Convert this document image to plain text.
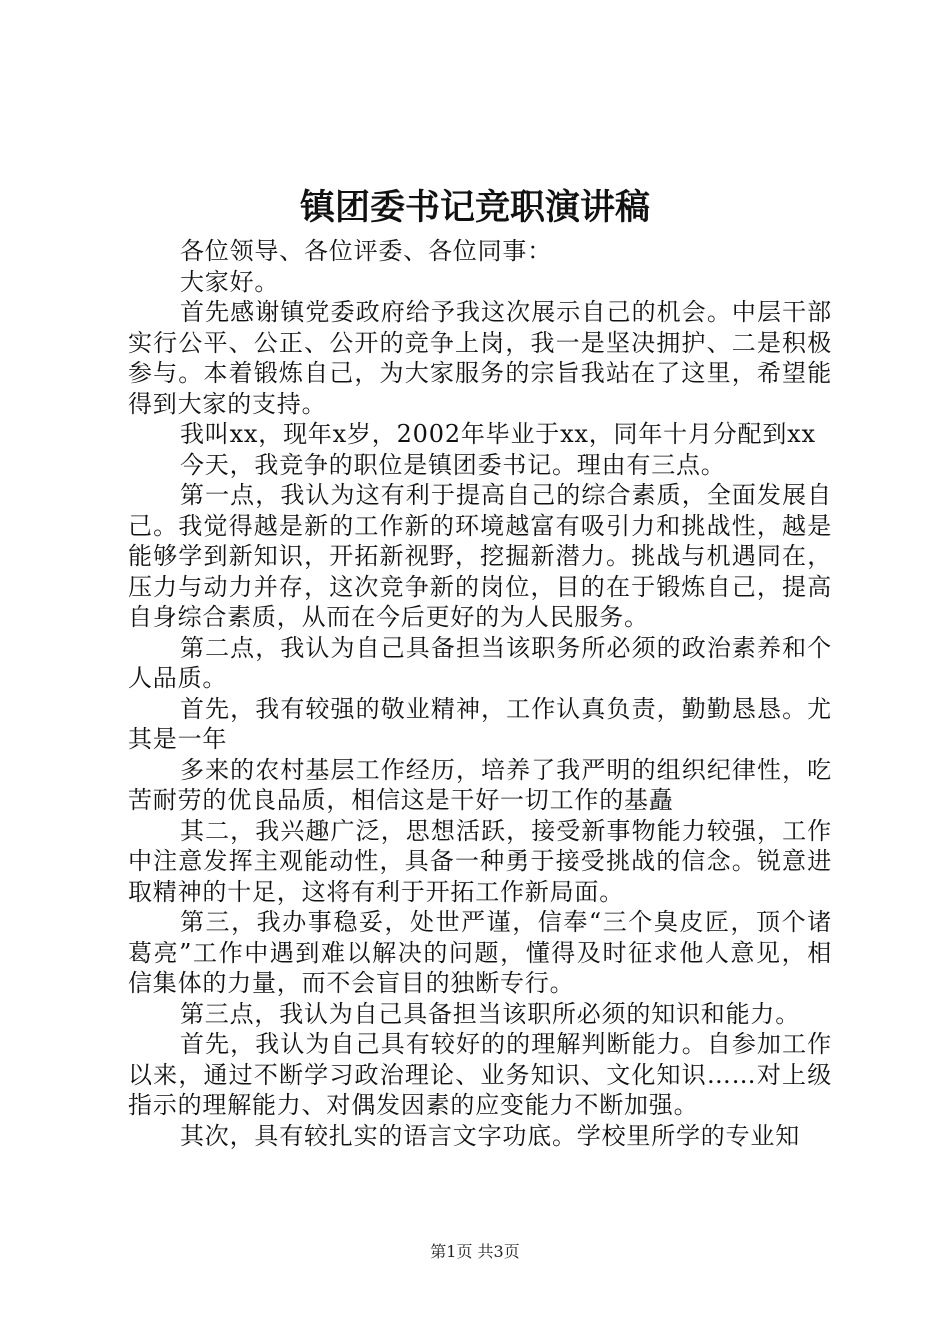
镇团委书记竞职演讲稿

各位领导、各位评委、各位同事：

大家好。

首先感谢镇党委政府给予我这次展示自己的机会。中层干部实行公平、公正、公开的竞争上岗，我一是坚决拥护、二是积极参与。本着锻炼自己，为大家服务的宗旨我站在了这里，希望能得到大家的支持。

我叫xx，现年x岁，2002年毕业于xx，同年十月分配到xx

今天，我竞争的职位是镇团委书记。理由有三点。

第一点，我认为这有利于提高自己的综合素质，全面发展自己。我觉得越是新的工作新的环境越富有吸引力和挑战性，越是能够学到新知识，开拓新视野，挖掘新潜力。挑战与机遇同在，压力与动力并存，这次竞争新的岗位，目的在于锻炼自己，提高自身综合素质，从而在今后更好的为人民服务。

第二点，我认为自己具备担当该职务所必须的政治素养和个人品质。

首先，我有较强的敬业精神，工作认真负责，勤勤恳恳。尤其是一年

多来的农村基层工作经历，培养了我严明的组织纪律性，吃苦耐劳的优良品质，相信这是干好一切工作的基矗

其二，我兴趣广泛，思想活跃，接受新事物能力较强，工作中注意发挥主观能动性，具备一种勇于接受挑战的信念。锐意进取精神的十足，这将有利于开拓工作新局面。

第三，我办事稳妥，处世严谨，信奉“三个臭皮匠，顶个诸葛亮”工作中遇到难以解决的问题，懂得及时征求他人意见，相信集体的力量，而不会盲目的独断专行。

第三点，我认为自己具备担当该职所必须的知识和能力。

首先，我认为自己具有较好的的理解判断能力。自参加工作以来，通过不断学习政治理论、业务知识、文化知识……对上级指示的理解能力、对偶发因素的应变能力不断加强。

其次，具有较扎实的语言文字功底。学校里所学的专业知

第1页 共3页
